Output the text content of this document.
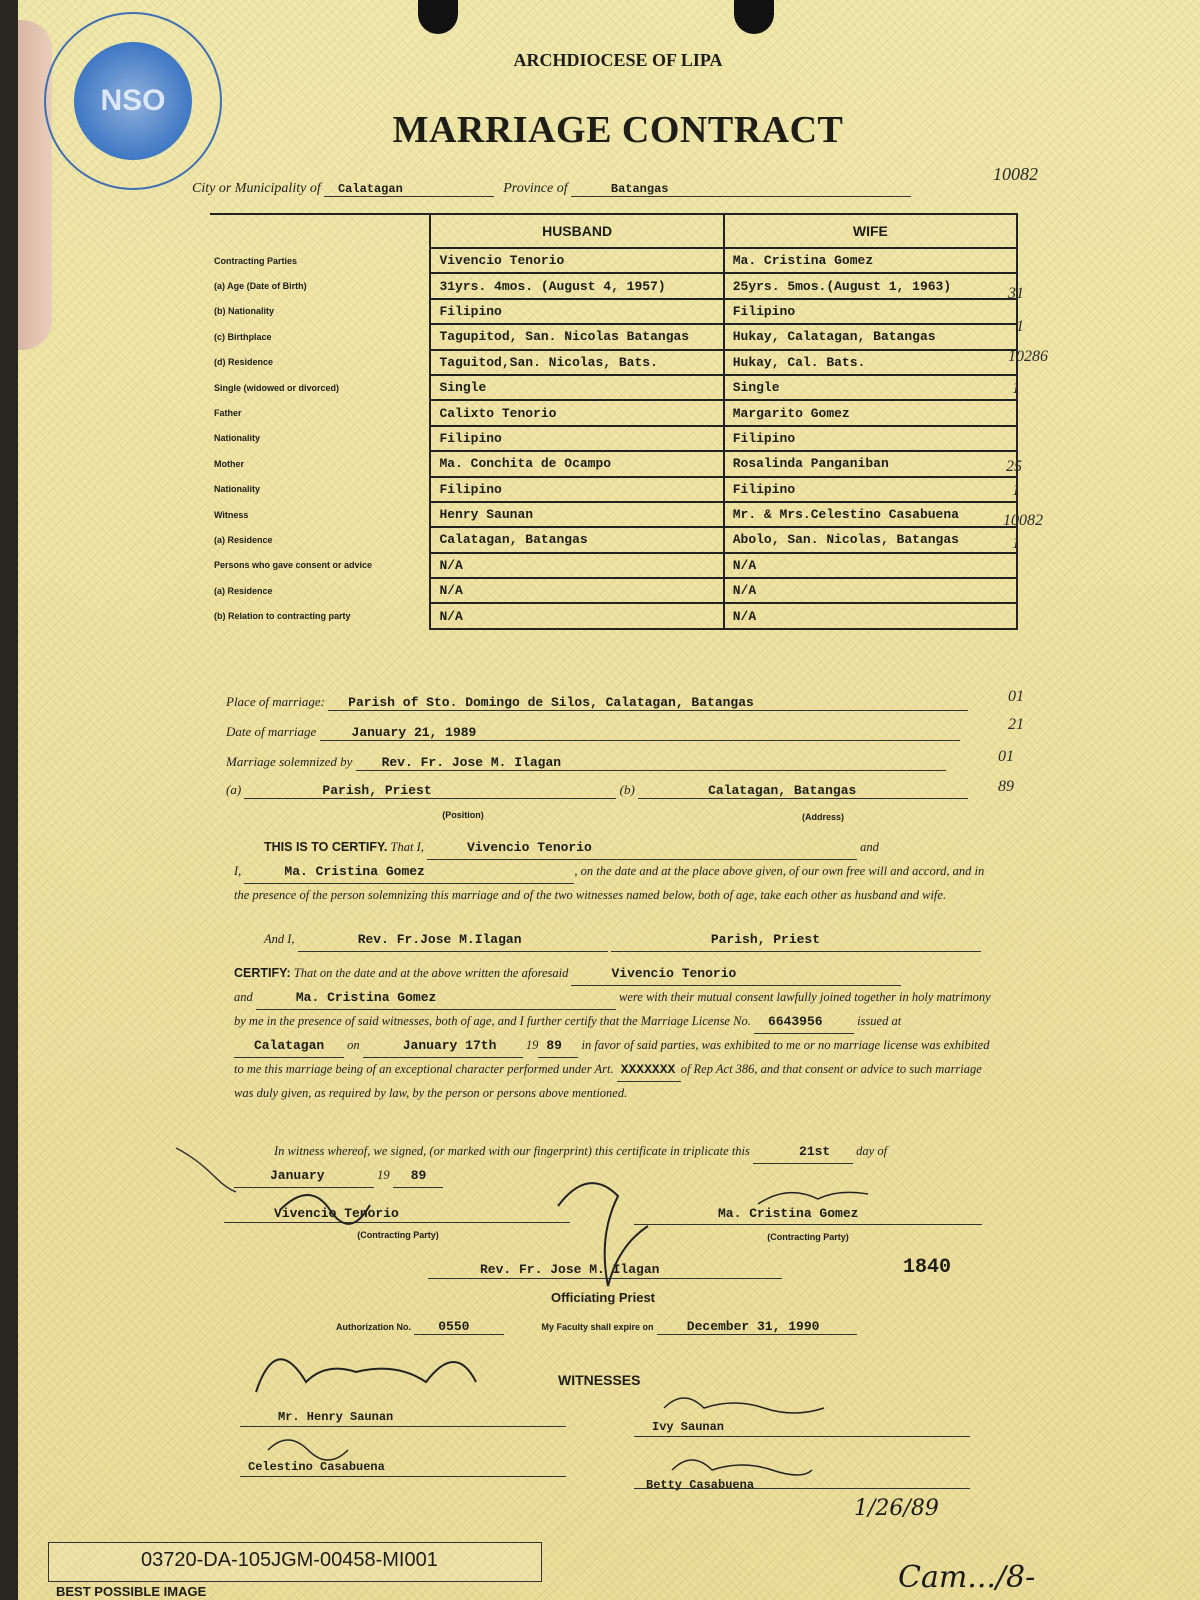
NSO
ARCHDIOCESE OF LIPA
MARRIAGE CONTRACT
City or Municipality of Calatagan	Province of	Batangas
10082
	HUSBAND	WIFE
Contracting Parties	Vivencio Tenorio	Ma. Cristina Gomez
(a) Age (Date of Birth)	31yrs. 4mos. (August 4, 1957)	25yrs. 5mos.(August 1, 1963)
(b) Nationality	Filipino	Filipino
(c) Birthplace	Tagupitod, San. Nicolas Batangas	Hukay, Calatagan, Batangas
(d) Residence	Taguitod,San. Nicolas, Bats.	Hukay, Cal. Bats.
Single (widowed or divorced)	Single	Single
Father	Calixto Tenorio	Margarito Gomez
Nationality	Filipino	Filipino
Mother	Ma. Conchita de Ocampo	Rosalinda Panganiban
Nationality	Filipino	Filipino
Witness	Henry Saunan	Mr. & Mrs.Celestino Casabuena
(a) Residence	Calatagan, Batangas	Abolo, San. Nicolas, Batangas
Persons who gave consent or advice	N/A	N/A
(a) Residence	N/A	N/A
(b) Relation to contracting party	N/A	N/A
31
1
10286
1
25
1
10082
1
Place of marriage: Parish of Sto. Domingo de Silos, Calatagan, Batangas
Date of marriage	January 21, 1989
Marriage solemnized by Rev. Fr. Jose M. Ilagan
(a)	Parish, Priest	(b)	Calatagan, Batangas
(Position)	(Address)
01
21
01
89
THIS IS TO CERTIFY. That I,	Vivencio Tenorio	and
I,	Ma. Cristina Gomez	, on the date and at the place above given, of our own free will and accord, and in the presence of the person solemnizing this marriage and of the two witnesses named below, both of age, take each other as husband and wife.
And I,	Rev. Fr.Jose M.Ilagan	Parish, Priest
CERTIFY: That on the date and at the above written the aforesaid	Vivencio Tenorio
and	Ma. Cristina Gomez	were with their mutual consent lawfully joined together in holy matrimony by me in the presence of said witnesses, both of age, and I further certify that the Marriage License No. 6643956	issued at Calatagan on	January 17th 19 89 in favor of said parties, was exhibited to me or no marriage license was exhibited to me this marriage being of an exceptional character performed under Art. XXXXXXX of Rep Act 386, and that consent or advice to such marriage was duly given, as required by law, by the person or persons above mentioned.
In witness whereof, we signed, (or marked with our fingerprint) this certificate in triplicate this	21st day of
January	19 89
Vivencio Tenorio
(Contracting Party)
Ma. Cristina Gomez
(Contracting Party)
Rev. Fr. Jose M. Ilagan
Officiating Priest
1840
Authorization No. 0550	My Faculty shall expire on	December 31, 1990
WITNESSES
Mr. Henry Saunan
Celestino Casabuena
Ivy Saunan
Betty Casabuena
1/26/89
03720-DA-105JGM-00458-MI001
BEST POSSIBLE IMAGE	Cam.../8-
